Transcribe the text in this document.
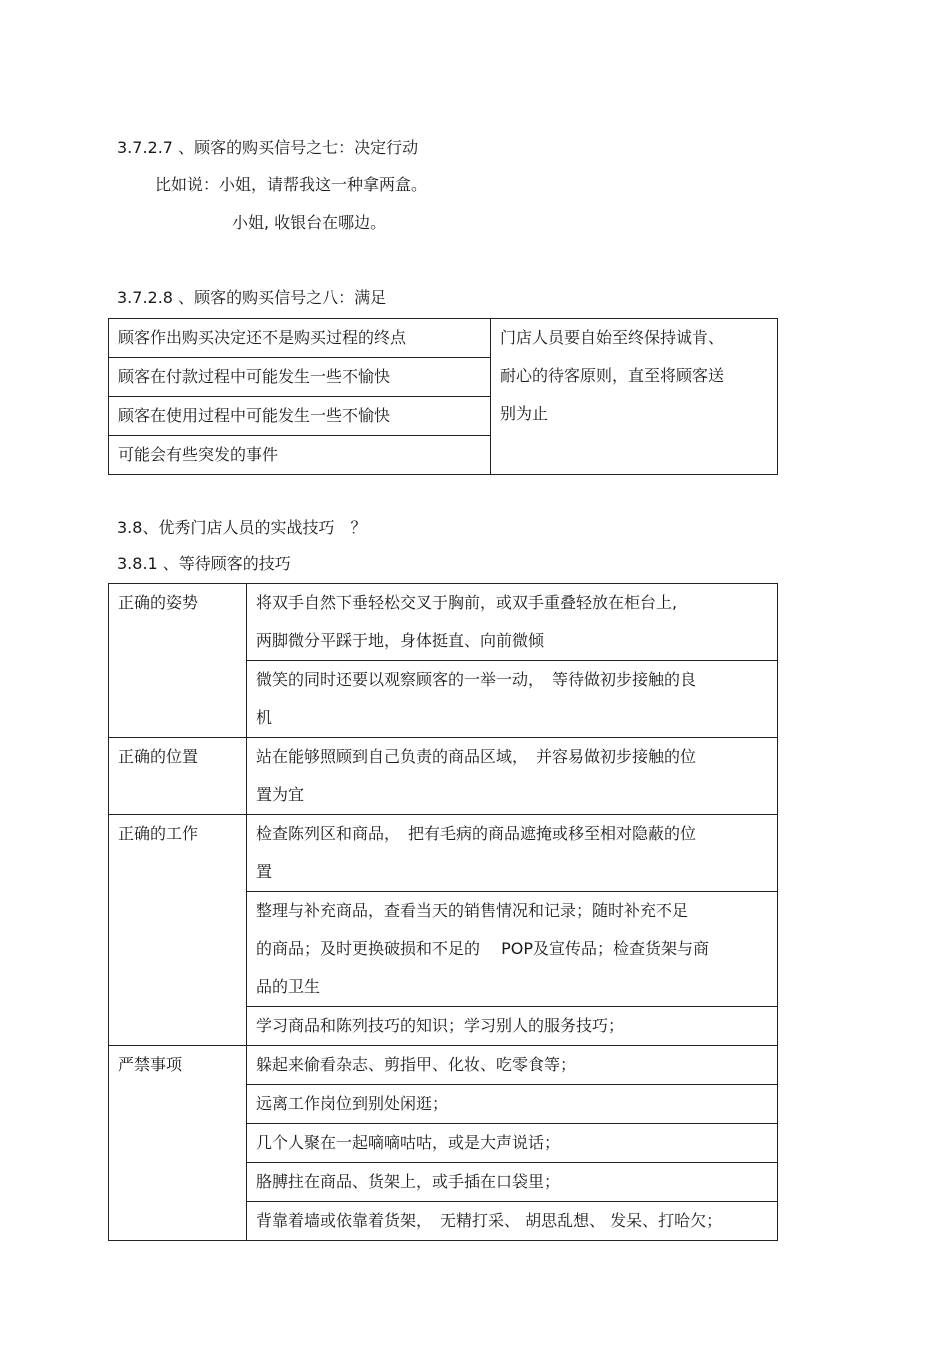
3.7.2.7 、顾客的购买信号之七：决定行动
比如说：小姐，请帮我这一种拿两盒。
小姐, 收银台在哪边。
3.7.2.8 、顾客的购买信号之八：满足
顾客作出购买决定还不是购买过程的终点	门店人员要自始至终保持诚肯、
耐心的待客原则，直至将顾客送
别为止

顾客在付款过程中可能发生一些不愉快

顾客在使用过程中可能发生一些不愉快

可能会有些突发的事件
3.8、优秀门店人员的实战技巧　？
3.8.1 、等待顾客的技巧
正确的姿势	将双手自然下垂轻松交叉于胸前，或双手重叠轻放在柜台上,
两脚微分平踩于地，身体挺直、向前微倾

	微笑的同时还要以观察顾客的一举一动，　等待做初步接触的良
机

正确的位置	站在能够照顾到自己负责的商品区域，　并容易做初步接触的位
置为宜

正确的工作	检查陈列区和商品，　把有毛病的商品遮掩或移至相对隐蔽的位
置

	整理与补充商品，查看当天的销售情况和记录；随时补充不足
的商品；及时更换破损和不足的　 POP及宣传品；检查货架与商
品的卫生

	学习商品和陈列技巧的知识；学习别人的服务技巧；

严禁事项	躲起来偷看杂志、剪指甲、化妆、吃零食等；

	远离工作岗位到别处闲逛；

	几个人聚在一起嘀嘀咕咕，或是大声说话；

	胳膊拄在商品、货架上，或手插在口袋里；

	背靠着墙或依靠着货架，　无精打采、 胡思乱想、 发呆、打哈欠；
